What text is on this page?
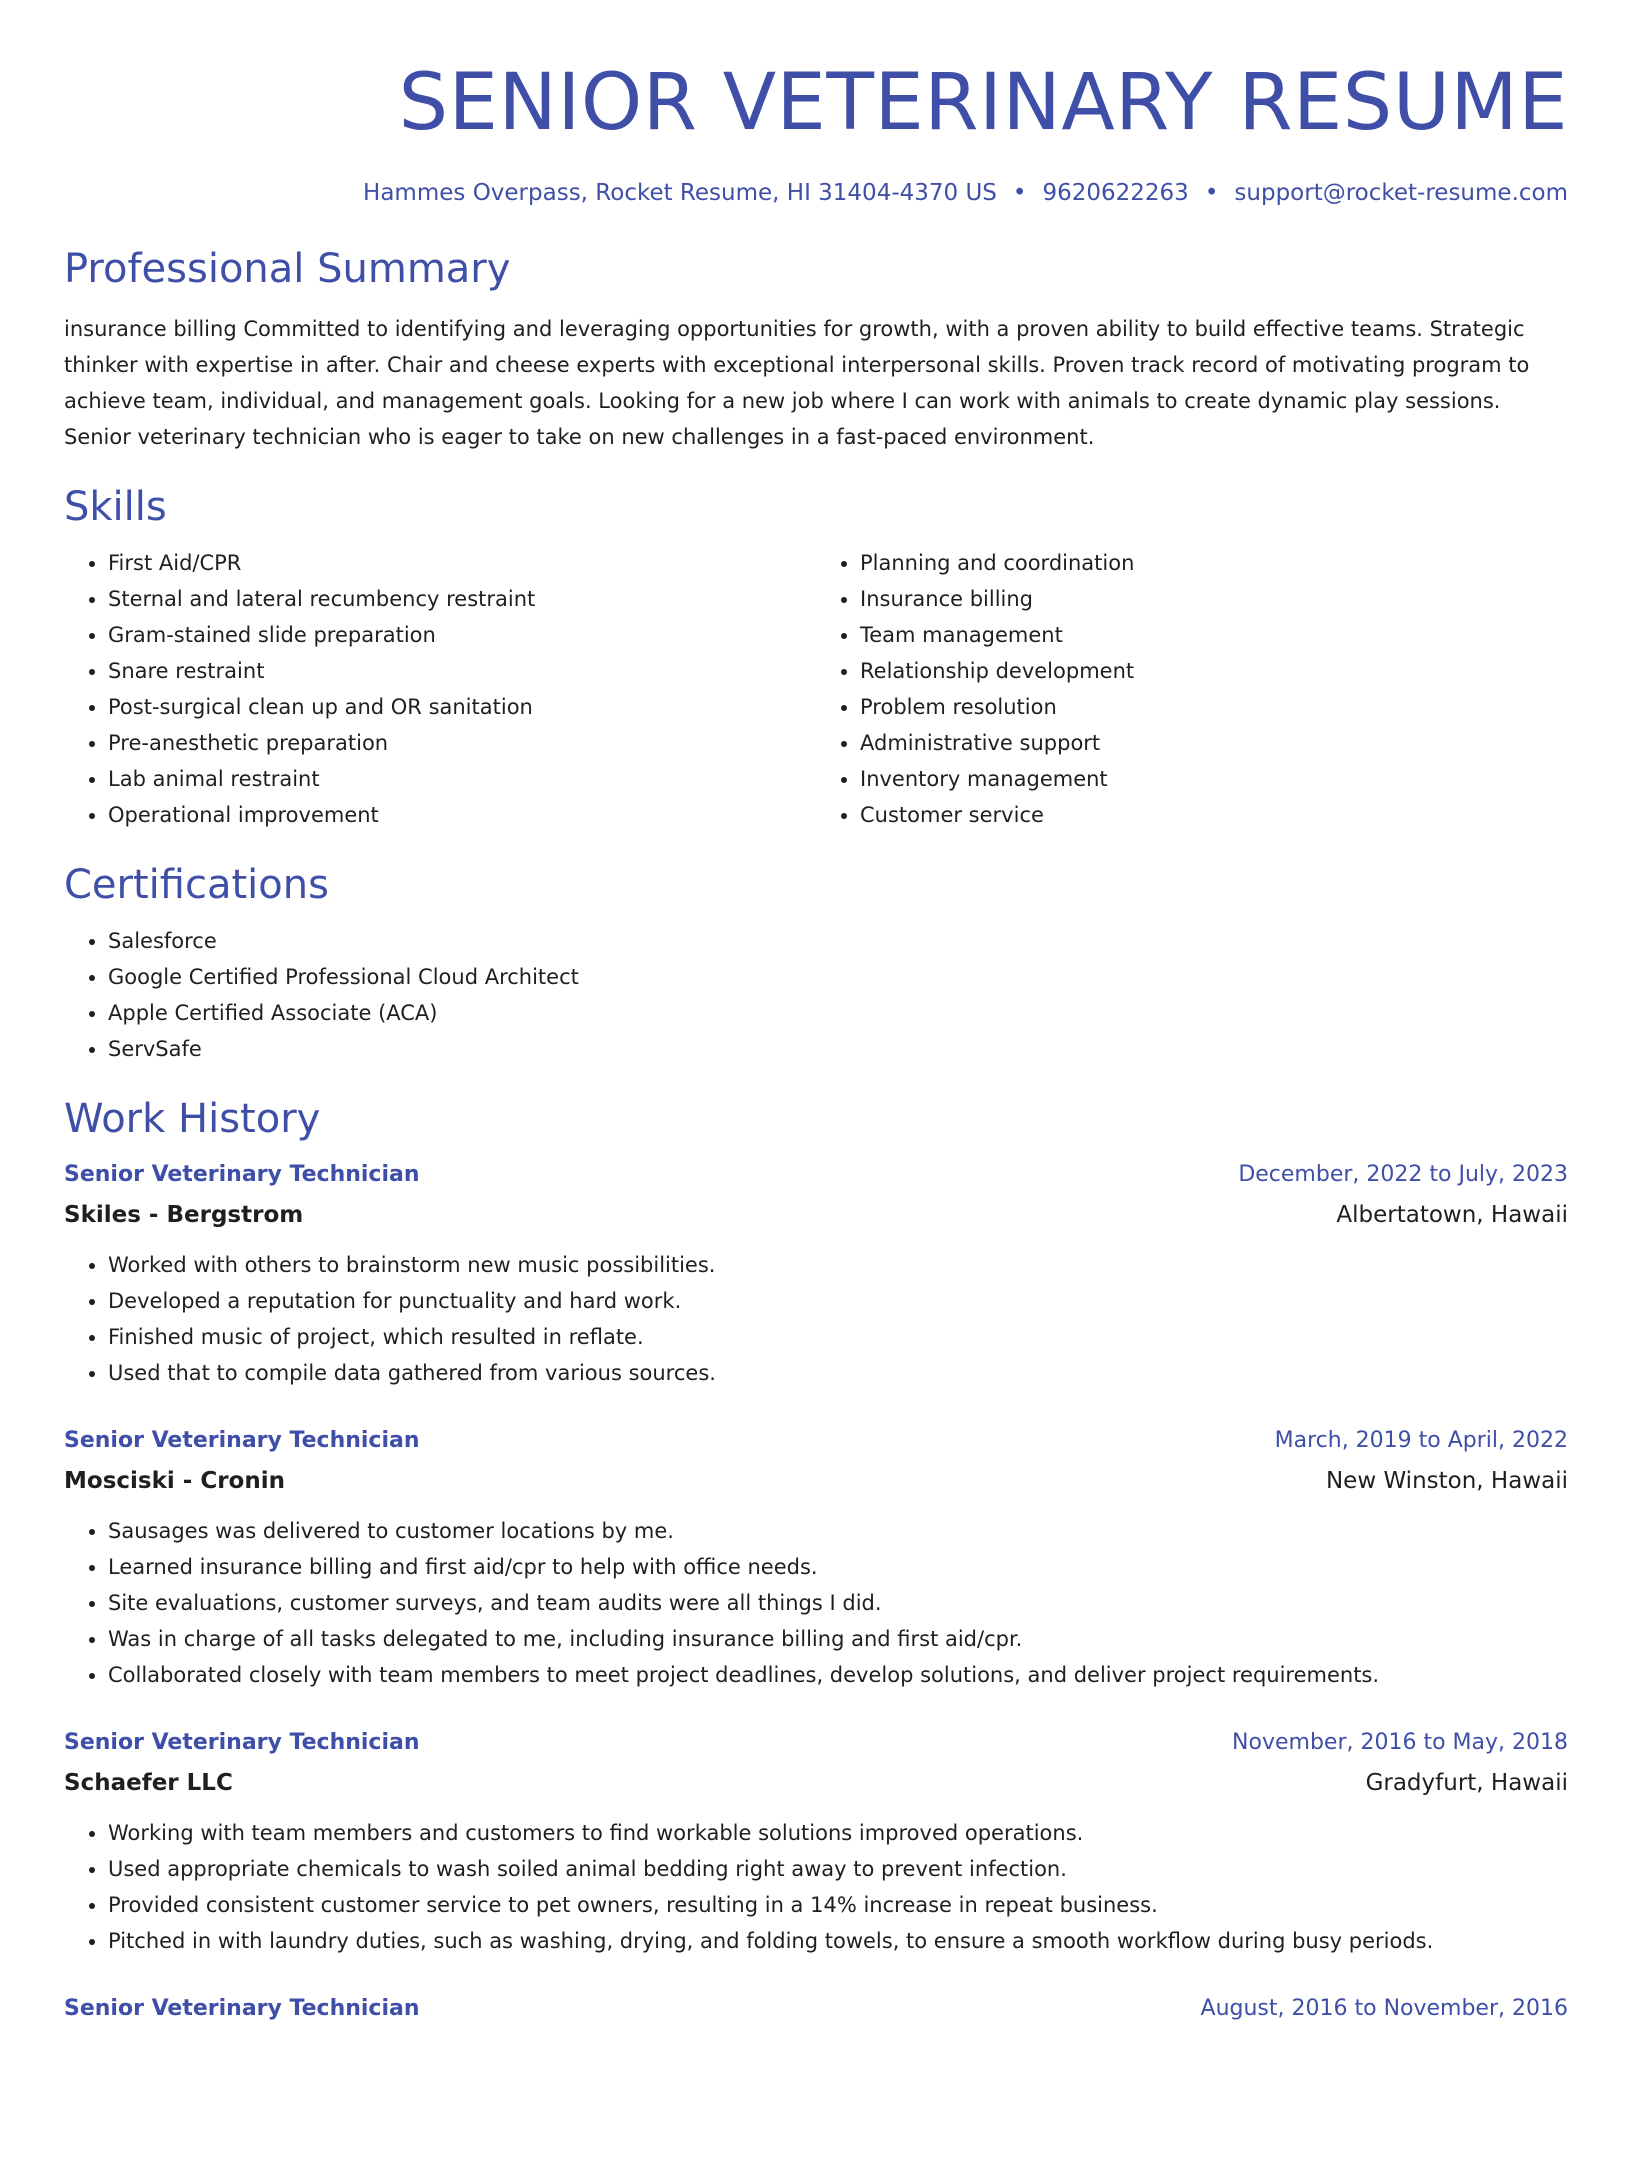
SENIOR VETERINARY RESUME
Hammes Overpass, Rocket Resume, HI 31404-4370 US • 9620622263 • support@rocket-resume.com
Professional Summary

insurance billing Committed to identifying and leveraging opportunities for growth, with a proven ability to build effective teams. Strategic thinker with expertise in after. Chair and cheese experts with exceptional interpersonal skills. Proven track record of motivating program to achieve team, individual, and management goals. Looking for a new job where I can work with animals to create dynamic play sessions. Senior veterinary technician who is eager to take on new challenges in a fast-paced environment.

Skills
• First Aid/CPR
• Sternal and lateral recumbency restraint
• Gram-stained slide preparation
• Snare restraint
• Post-surgical clean up and OR sanitation
• Pre-anesthetic preparation
• Lab animal restraint
• Operational improvement
• Planning and coordination
• Insurance billing
• Team management
• Relationship development
• Problem resolution
• Administrative support
• Inventory management
• Customer service
Certifications
• Salesforce
• Google Certified Professional Cloud Architect
• Apple Certified Associate (ACA)
• ServSafe
Work History
Senior Veterinary Technician	December, 2022 to July, 2023
Skiles - Bergstrom	Albertatown, Hawaii
• Worked with others to brainstorm new music possibilities.
• Developed a reputation for punctuality and hard work.
• Finished music of project, which resulted in reflate.
• Used that to compile data gathered from various sources.
Senior Veterinary Technician	March, 2019 to April, 2022
Mosciski - Cronin	New Winston, Hawaii
• Sausages was delivered to customer locations by me.
• Learned insurance billing and first aid/cpr to help with office needs.
• Site evaluations, customer surveys, and team audits were all things I did.
• Was in charge of all tasks delegated to me, including insurance billing and first aid/cpr.
• Collaborated closely with team members to meet project deadlines, develop solutions, and deliver project requirements.
Senior Veterinary Technician	November, 2016 to May, 2018
Schaefer LLC	Gradyfurt, Hawaii
• Working with team members and customers to find workable solutions improved operations.
• Used appropriate chemicals to wash soiled animal bedding right away to prevent infection.
• Provided consistent customer service to pet owners, resulting in a 14% increase in repeat business.
• Pitched in with laundry duties, such as washing, drying, and folding towels, to ensure a smooth workflow during busy periods.
Senior Veterinary Technician	August, 2016 to November, 2016
